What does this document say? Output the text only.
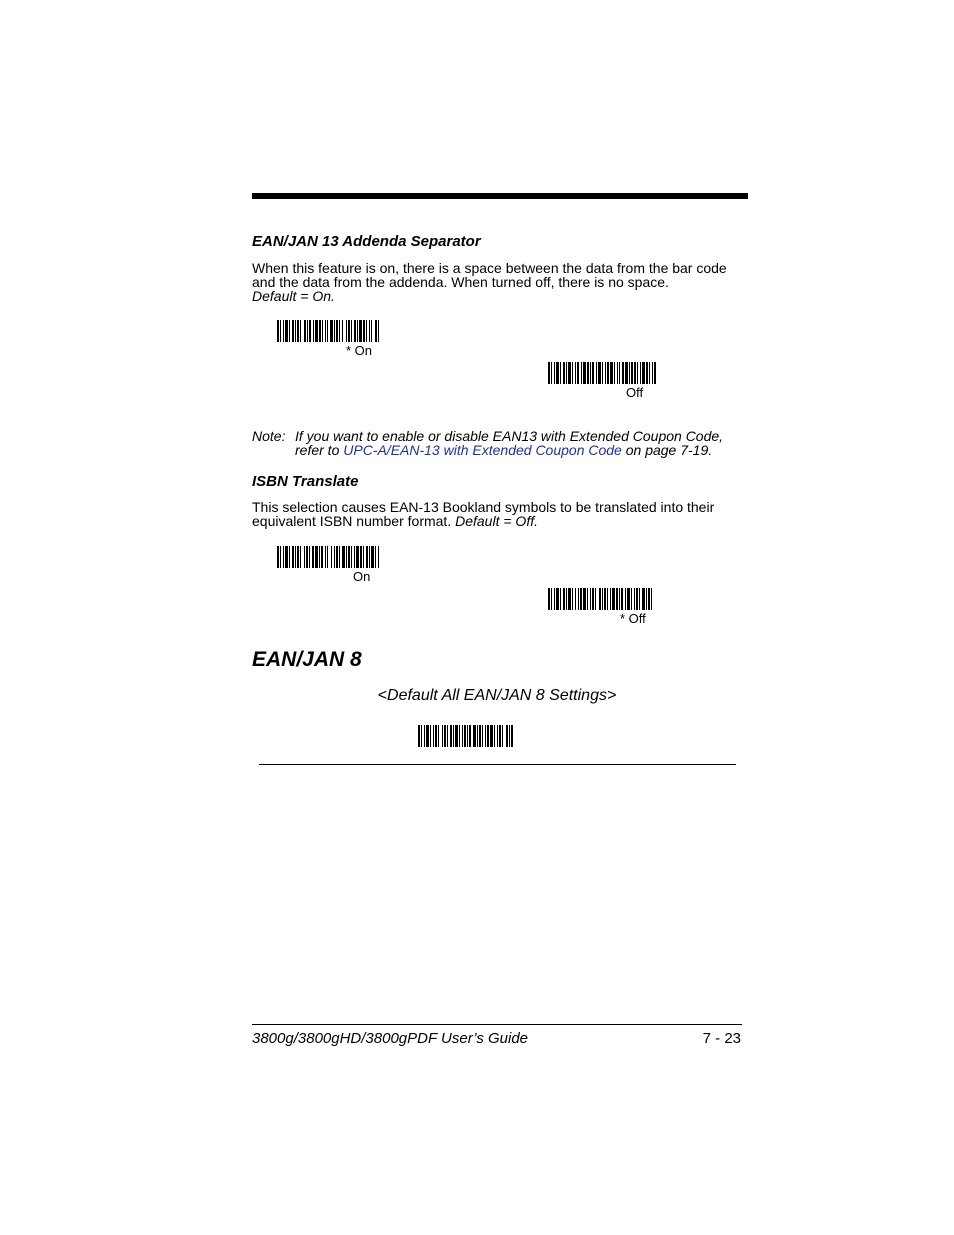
EAN/JAN 13 Addenda Separator
When this feature is on, there is a space between the data from the bar code
and the data from the addenda. When turned off, there is no space.
Default = On.
* On
Off
Note: If you want to enable or disable EAN13 with Extended Coupon Code,
refer to UPC-A/EAN-13 with Extended Coupon Code on page 7-19.
ISBN Translate
This selection causes EAN-13 Bookland symbols to be translated into their
equivalent ISBN number format. Default = Off.
On
* Off
EAN/JAN 8
<Default All EAN/JAN 8 Settings>
3800g/3800gHD/3800gPDF User’s Guide	7 - 23
